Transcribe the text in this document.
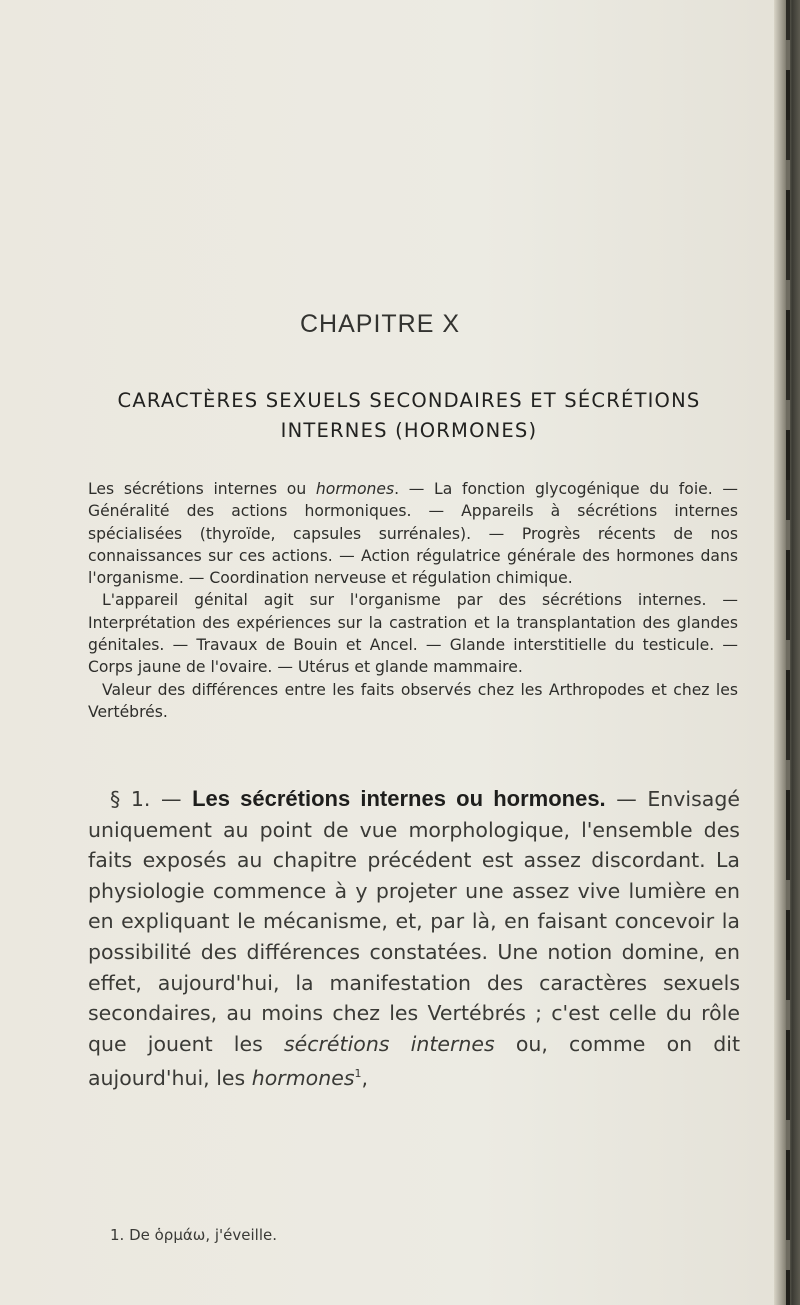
CHAPITRE X
CARACTÈRES SEXUELS SECONDAIRES ET SÉCRÉTIONS
INTERNES (HORMONES)

Les sécrétions internes ou hormones. — La fonction glycogénique du foie. — Généralité des actions hormoniques. — Appareils à sécrétions internes spécialisées (thyroïde, capsules surrénales). — Progrès récents de nos connaissances sur ces actions. — Action régulatrice générale des hormones dans l'organisme. — Coordination nerveuse et régulation chimique.

L'appareil génital agit sur l'organisme par des sécrétions internes. — Interprétation des expériences sur la castration et la transplantation des glandes génitales. — Travaux de Bouin et Ancel. — Glande interstitielle du testicule. — Corps jaune de l'ovaire. — Utérus et glande mammaire.

Valeur des différences entre les faits observés chez les Arthropodes et chez les Vertébrés.

§ 1. — Les sécrétions internes ou hormones. — Envisagé uniquement au point de vue morphologique, l'ensemble des faits exposés au chapitre précédent est assez discordant. La physiologie commence à y projeter une assez vive lumière en en expliquant le mécanisme, et, par là, en faisant concevoir la possibilité des différences constatées. Une notion domine, en effet, aujourd'hui, la manifestation des caractères sexuels secondaires, au moins chez les Vertébrés ; c'est celle du rôle que jouent les sécrétions internes ou, comme on dit aujourd'hui, les hormones$^1$,

1. De ὁρμάω, j'éveille.
